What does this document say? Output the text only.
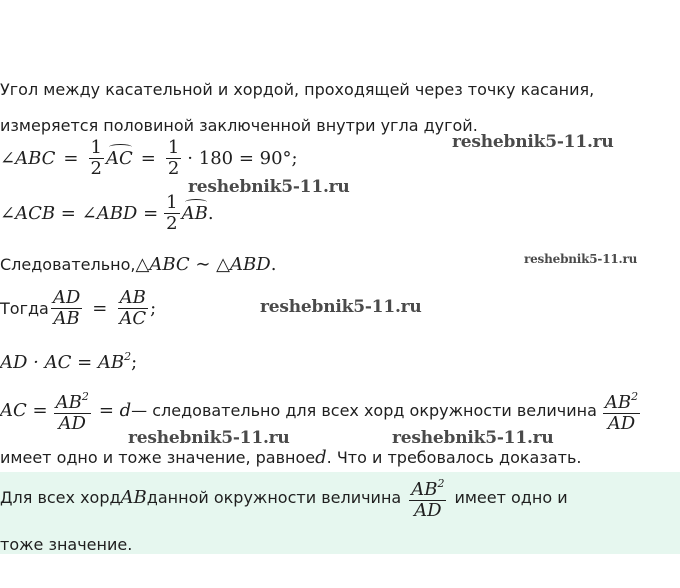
Угол между касательной и хордой, проходящей через точку касания,
измеряется половиной заключенной внутри угла дугой.
∠ABC = $\frac{1}{2}$ AC = $\frac{1}{2} \cdot 180 = 90^\circ$;
∠ACB = ∠ABD = $\frac{1}{2}$ AB .
Следовательно, △ABC ∼ △ABD .
Тогда $\frac{AD}{AB} = \frac{AB}{AC}$ ;
AD · AC = $AB^2$;
AC = $\frac{AB^2}{AD} = d$ — следовательно для всех хорд окружности величина $\frac{AB^2}{AD}$
имеет одно и тоже значение, равное d . Что и требовалось доказать.
Для всех хорд AB данной окружности величина $\frac{AB^2}{AD}$ имеет одно и
тоже значение.
reshebnik5-11.ru
reshebnik5-11.ru
reshebnik5-11.ru
reshebnik5-11.ru
reshebnik5-11.ru	reshebnik5-11.ru
